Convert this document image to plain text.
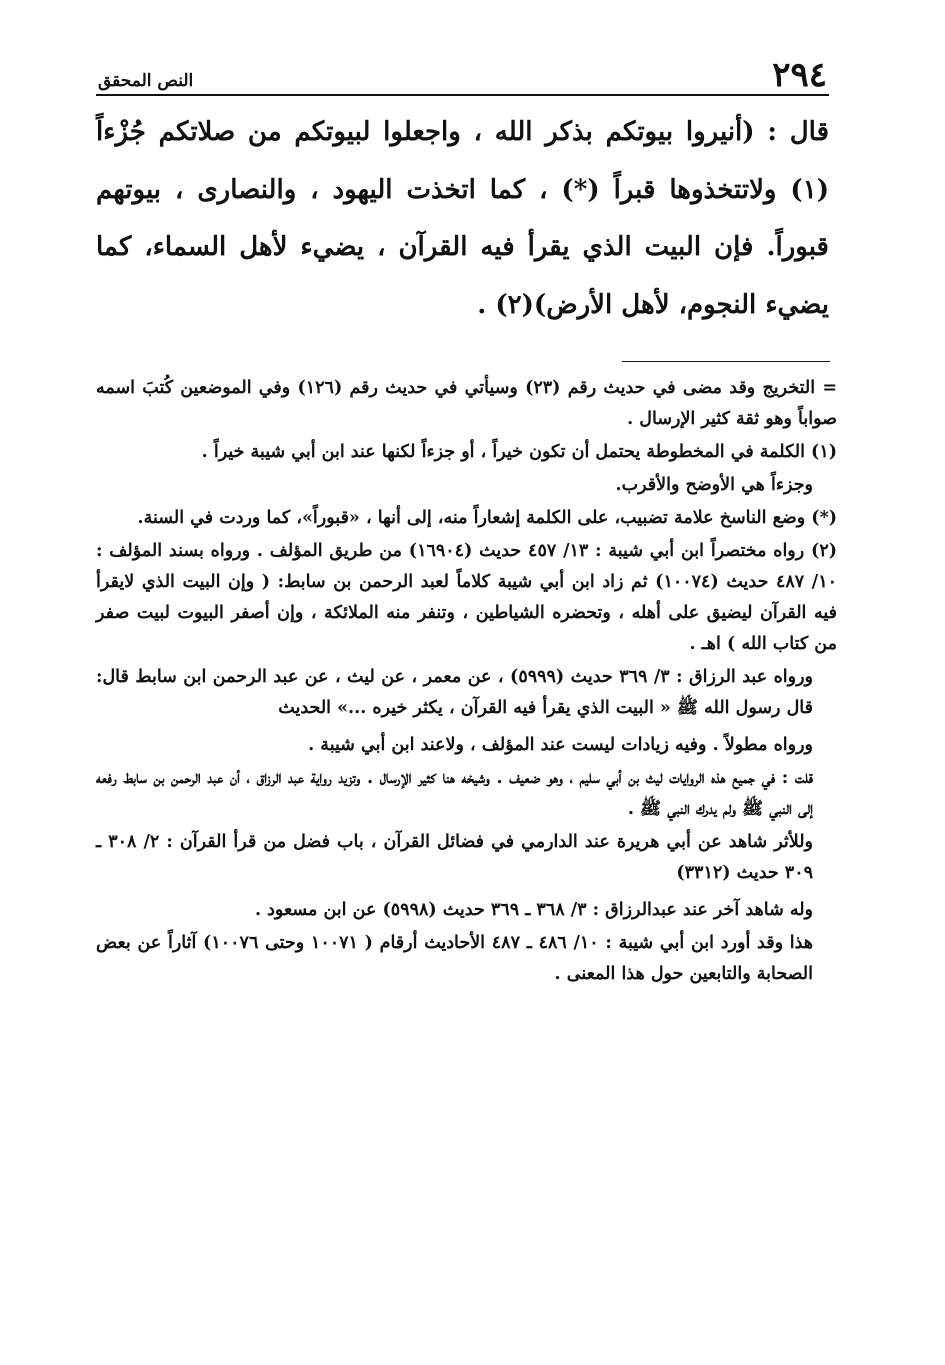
٢٩٤
النص المحقق

قال : (أنيروا بيوتكم بذكر الله ، واجعلوا لبيوتكم من صلاتكم جُزْءاً (١) ولاتتخذوها قبراً (*) ، كما اتخذت اليهود ، والنصارى ، بيوتهم قبوراً. فإن البيت الذي يقرأ فيه القرآن ، يضيء لأهل السماء، كما يضيء النجوم، لأهل الأرض)(٢) .

= التخريج وقد مضى في حديث رقم (٢٣) وسيأتي في حديث رقم (١٢٦) وفي الموضعين كُتبَ اسمه صواباً وهو ثقة كثير الإرسال .

(١) الكلمة في المخطوطة يحتمل أن تكون خيراً ، أو جزءاً لكنها عند ابن أبي شيبة خيراً .

وجزءاً هي الأوضح والأقرب.

(*) وضع الناسخ علامة تضبيب، على الكلمة إشعاراً منه، إلى أنها ، «قبوراً»، كما وردت في السنة.

(٢) رواه مختصراً ابن أبي شيبة : ١٣/ ٤٥٧ حديث (١٦٩٠٤) من طريق المؤلف . ورواه بسند المؤلف : ١٠/ ٤٨٧ حديث (١٠٠٧٤) ثم زاد ابن أبي شيبة كلاماً لعبد الرحمن بن سابط: ( وإن البيت الذي لايقرأ فيه القرآن ليضيق على أهله ، وتحضره الشياطين ، وتنفر منه الملائكة ، وإن أصفر البيوت لبيت صفر من كتاب الله ) اهـ .

ورواه عبد الرزاق : ٣/ ٣٦٩ حديث (٥٩٩٩) ، عن معمر ، عن ليث ، عن عبد الرحمن ابن سابط قال: قال رسول الله ﷺ « البيت الذي يقرأ فيه القرآن ، يكثر خيره ...» الحديث

ورواه مطولاً . وفيه زيادات ليست عند المؤلف ، ولاعند ابن أبي شيبة .

قلت : في جميع هذه الروايات ليث بن أبي سليم ، وهو ضعيف . وشيخه هنا كثير الإرسال . وتزيد رواية عبد الرزاق ، أن عبد الرحمن بن سابط رفعه إلى النبي ﷺ ولم يدرك النبي ﷺ .

وللأثر شاهد عن أبي هريرة عند الدارمي في فضائل القرآن ، باب فضل من قرأ القرآن : ٢/ ٣٠٨ ـ ٣٠٩ حديث (٣٣١٢)

وله شاهد آخر عند عبدالرزاق : ٣/ ٣٦٨ ـ ٣٦٩ حديث (٥٩٩٨) عن ابن مسعود .

هذا وقد أورد ابن أبي شيبة : ١٠/ ٤٨٦ ـ ٤٨٧ الأحاديث أرقام ( ١٠٠٧١ وحتى ١٠٠٧٦) آثاراً عن بعض الصحابة والتابعين حول هذا المعنى .
